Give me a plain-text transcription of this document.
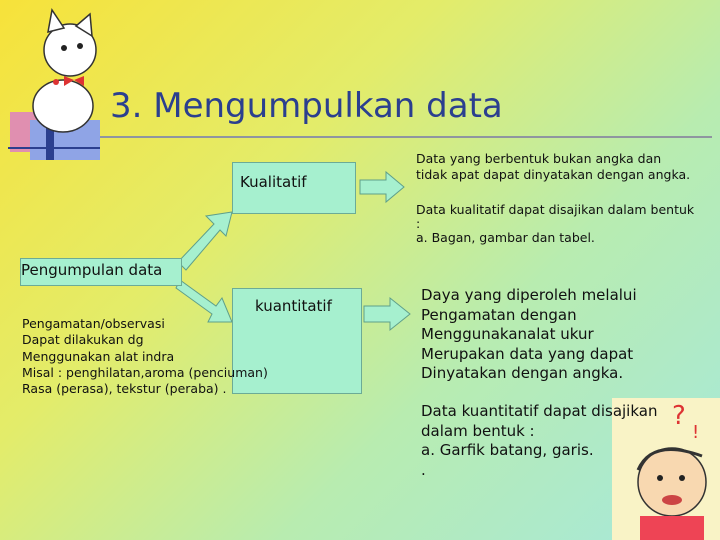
?
!
3. Mengumpulkan data
Kualitatif
kuantitatif
Pengumpulan data
Pengamatan/observasi
Dapat dilakukan dg
Menggunakan alat indra
Misal : penghilatan,aroma (penciuman)
Rasa (perasa), tekstur (peraba) .
Data yang berbentuk bukan angka dan
tidak apat dapat dinyatakan dengan angka.
Data kualitatif dapat disajikan dalam bentuk
:
a. Bagan, gambar dan tabel.
Daya yang diperoleh melalui
Pengamatan dengan
Menggunakanalat ukur
Merupakan data yang dapat
Dinyatakan dengan angka.
Data kuantitatif dapat disajikan
dalam bentuk :
a. Garfik batang, garis.
.
